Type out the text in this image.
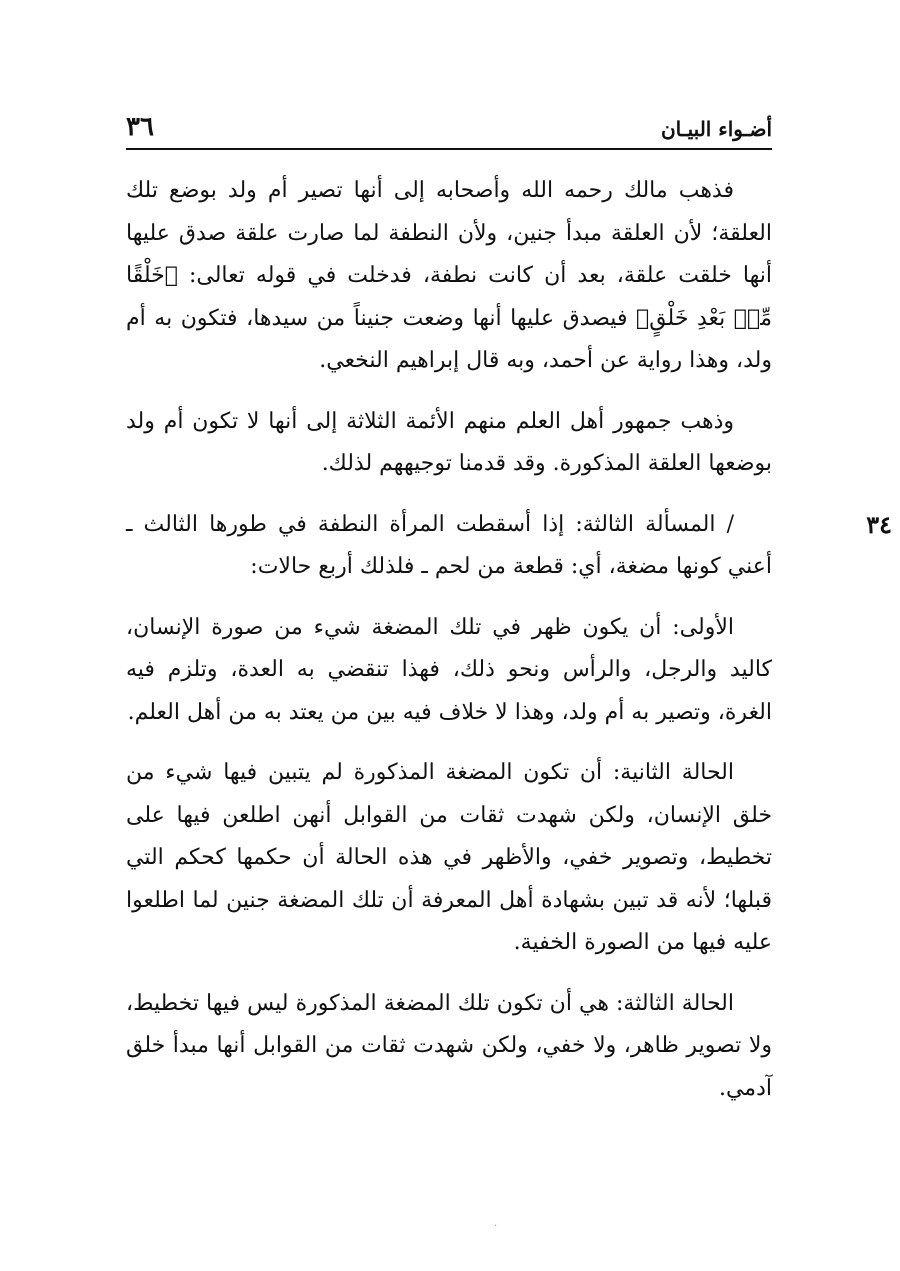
أضـواء البيـان
٣٦

فذهب مالك رحمه الله وأصحابه إلى أنها تصير أم ولد بوضع تلك العلقة؛ لأن العلقة مبدأ جنين، ولأن النطفة لما صارت علقة صدق عليها أنها خلقت علقة، بعد أن كانت نطفة، فدخلت في قوله تعالى: ﴿خَلْقًا مِّنۢ بَعْدِ خَلْقٍ﴾ فيصدق عليها أنها وضعت جنيناً من سيدها، فتكون به أم ولد، وهذا رواية عن أحمد، وبه قال إبراهيم النخعي.

وذهب جمهور أهل العلم منهم الأئمة الثلاثة إلى أنها لا تكون أم ولد بوضعها العلقة المذكورة. وقد قدمنا توجيههم لذلك.

٣٤
/ المسألة الثالثة: إذا أسقطت المرأة النطفة في طورها الثالث ـ أعني كونها مضغة، أي: قطعة من لحم ـ فلذلك أربع حالات:

الأولى: أن يكون ظهر في تلك المضغة شيء من صورة الإنسان، كاليد والرجل، والرأس ونحو ذلك، فهذا تنقضي به العدة، وتلزم فيه الغرة، وتصير به أم ولد، وهذا لا خلاف فيه بين من يعتد به من أهل العلم.

الحالة الثانية: أن تكون المضغة المذكورة لم يتبين فيها شيء من خلق الإنسان، ولكن شهدت ثقات من القوابل أنهن اطلعن فيها على تخطيط، وتصوير خفي، والأظهر في هذه الحالة أن حكمها كحكم التي قبلها؛ لأنه قد تبين بشهادة أهل المعرفة أن تلك المضغة جنين لما اطلعوا عليه فيها من الصورة الخفية.

الحالة الثالثة: هي أن تكون تلك المضغة المذكورة ليس فيها تخطيط، ولا تصوير ظاهر، ولا خفي، ولكن شهدت ثقات من القوابل أنها مبدأ خلق آدمي.

.
